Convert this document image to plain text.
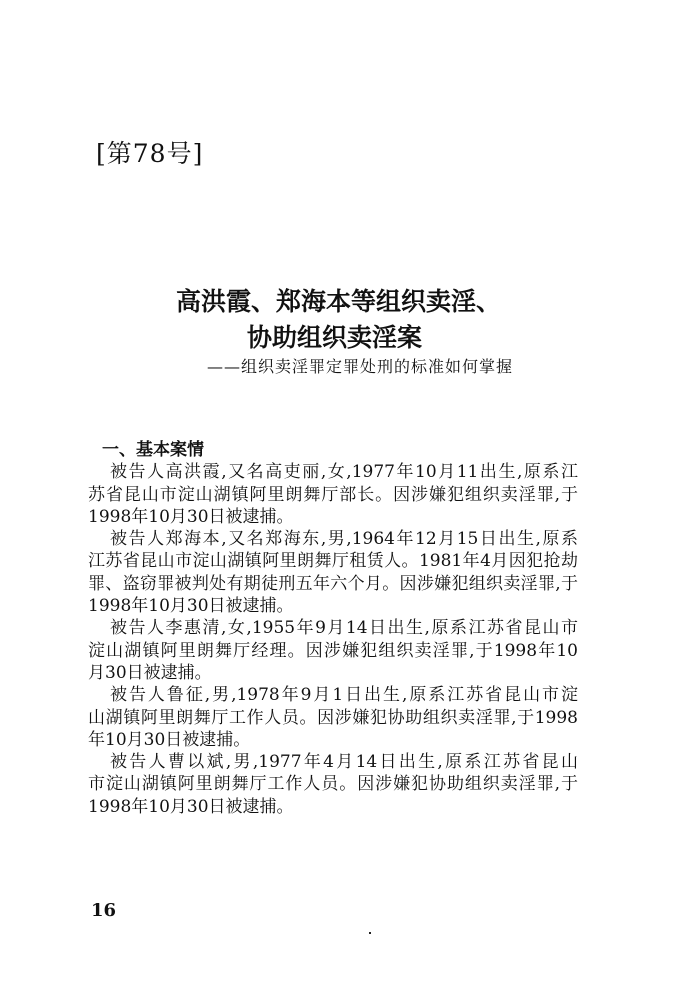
[第78号]
高洪霞、郑海本等组织卖淫、
协助组织卖淫案
——组织卖淫罪定罪处刑的标准如何掌握
一、基本案情
被告人高洪霞,又名高吏丽,女,1977年10月11出生,原系江
苏省昆山市淀山湖镇阿里朗舞厅部长。因涉嫌犯组织卖淫罪,于
1998年10月30日被逮捕。
被告人郑海本,又名郑海东,男,1964年12月15日出生,原系
江苏省昆山市淀山湖镇阿里朗舞厅租赁人。1981年4月因犯抢劫
罪、盗窃罪被判处有期徒刑五年六个月。因涉嫌犯组织卖淫罪,于
1998年10月30日被逮捕。
被告人李惠清,女,1955年9月14日出生,原系江苏省昆山市
淀山湖镇阿里朗舞厅经理。因涉嫌犯组织卖淫罪,于1998年10
月30日被逮捕。
被告人鲁征,男,1978年9月1日出生,原系江苏省昆山市淀
山湖镇阿里朗舞厅工作人员。因涉嫌犯协助组织卖淫罪,于1998
年10月30日被逮捕。
被告人曹以斌,男,1977年4月14日出生,原系江苏省昆山
市淀山湖镇阿里朗舞厅工作人员。因涉嫌犯协助组织卖淫罪,于
1998年10月30日被逮捕。
16
